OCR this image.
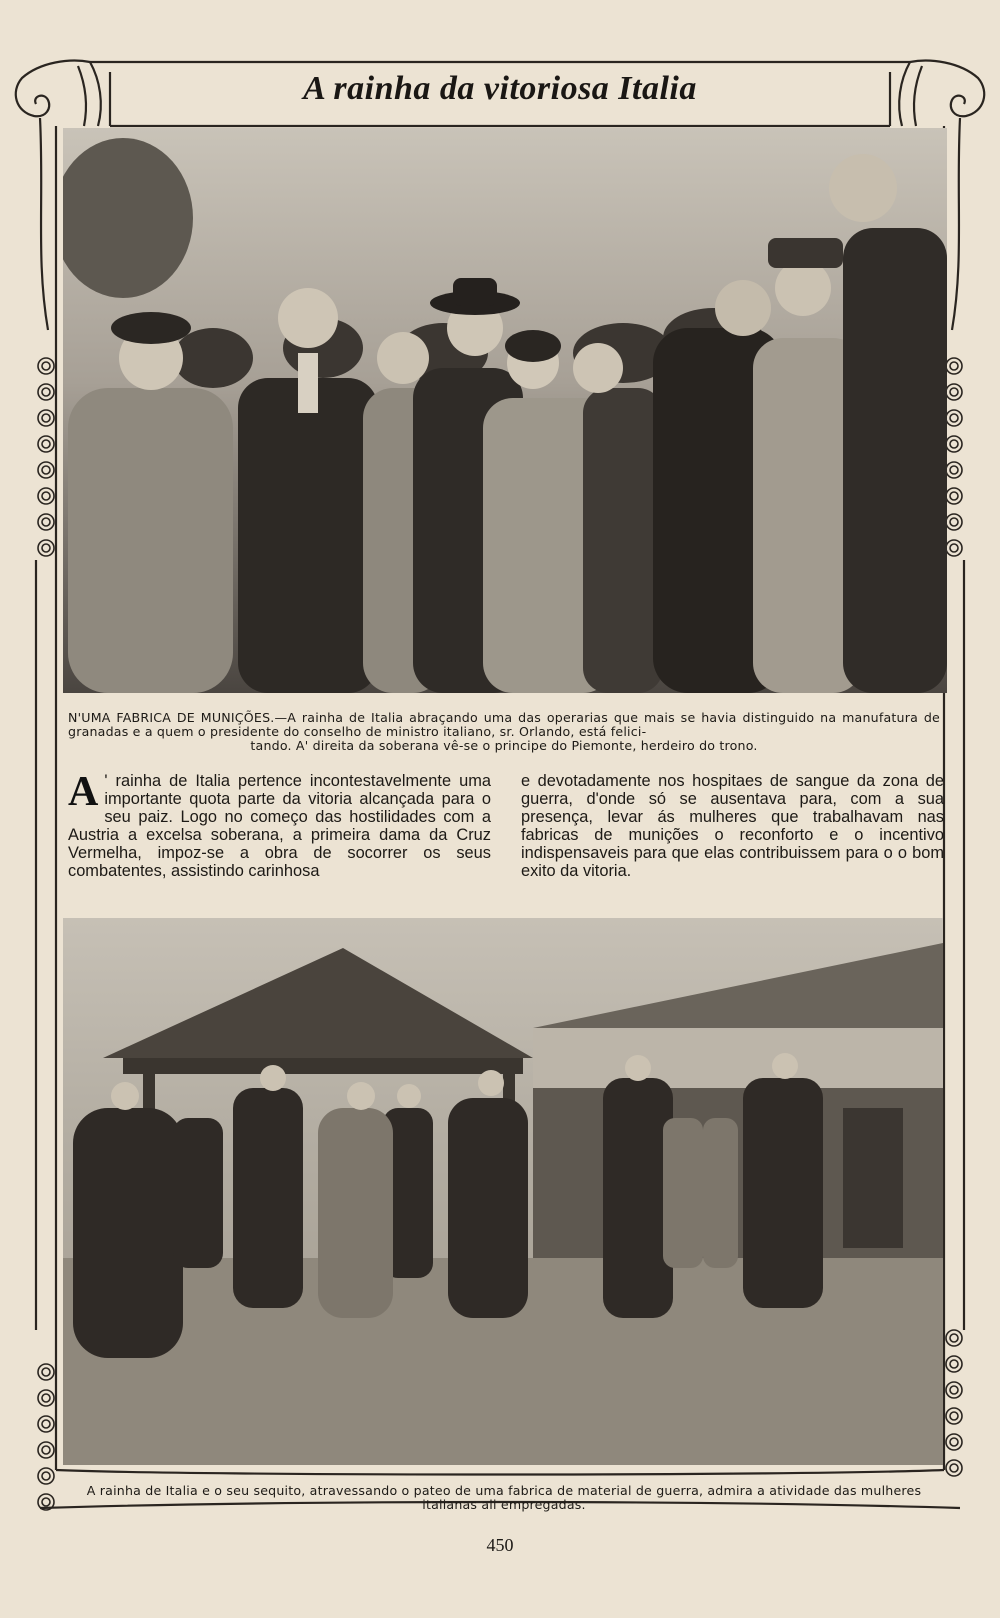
A rainha da vitoriosa Italia
N'UMA FABRICA DE MUNIÇÕES.—A rainha de Italia abraçando uma das operarias que mais se havia distinguido na manufatura de granadas e a quem o presidente do conselho de ministro italiano, sr. Orlando, está felici-
tando. A' direita da soberana vê-se o principe do Piemonte, herdeiro do trono.

A ' rainha de Italia pertence incontestavelmente uma importante quota parte da vitoria alcançada para o seu paiz. Logo no começo das hostilidades com a Austria a excelsa soberana, a primeira dama da Cruz Vermelha, impoz-se a obra de socorrer os seus combatentes, assistindo carinhosa

e devotadamente nos hospitaes de sangue da zona de guerra, d'onde só se ausentava para, com a sua presença, levar ás mulheres que trabalhavam nas fabricas de munições o reconforto e o incentivo indispensaveis para que elas contribuissem para o o bom exito da vitoria.

A rainha de Italia e o seu sequito, atravessando o pateo de uma fabrica de material de guerra, admira a atividade das mulheres italianas ali empregadas.
450
